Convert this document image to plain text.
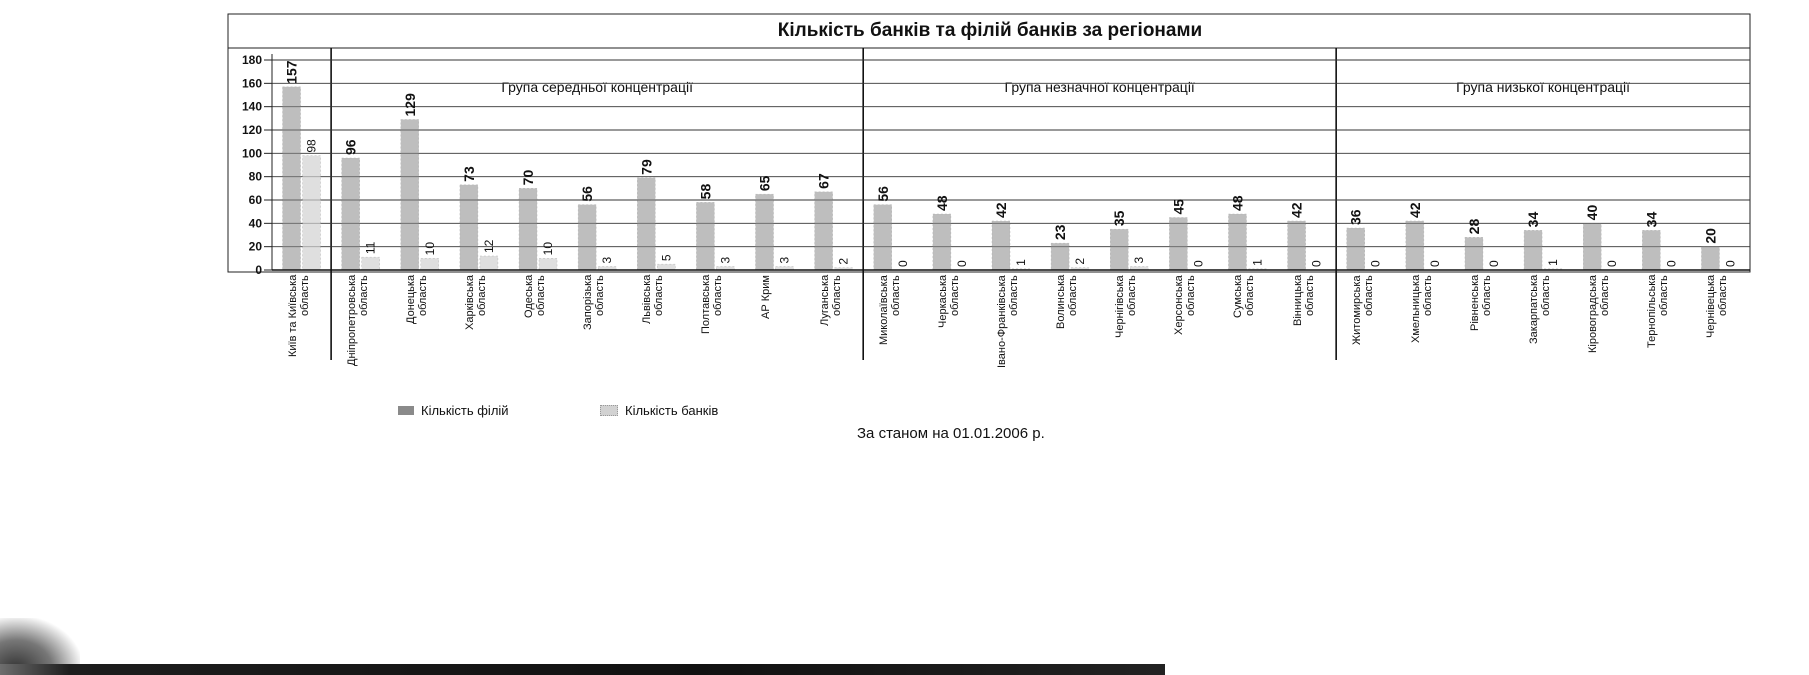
Група середньої концентрації	Група незначної концентрації	Група низької концентрації
0
20
40
60
80
100
120
140
160
180
157
98 96
11
129
10
73
12
70
10
56
3
79
5
58
3
65
3
67
2
56
0
48
0
42
1
23
2
35
3
45
0
48
1
42
0
36
0
42
0
28
0
34
1
40
0
34
0
20
0
Кількість банків та філій банків за регіонами
Київ та Київська
область	Дніпропетровська
область	Донецька
область	Харківська
область	Одеська
область	Запорізька
область	Львівська
область	Полтавська
область	АР Крим	Луганська
область	Миколаївська
область	Черкаська
область	Івано-Франківська
область	Волинська
область	Чернігівська
область	Херсонська
область	Сумська
область	Вінницька
область	Житомирська
область	Хмельницька
область	Рівненська
область	Закарпатська
область	Кіровоградська
область	Тернопільська
область	Чернівецька
область
Кількість філій	Кількість банків
За станом на 01.01.2006 р.
